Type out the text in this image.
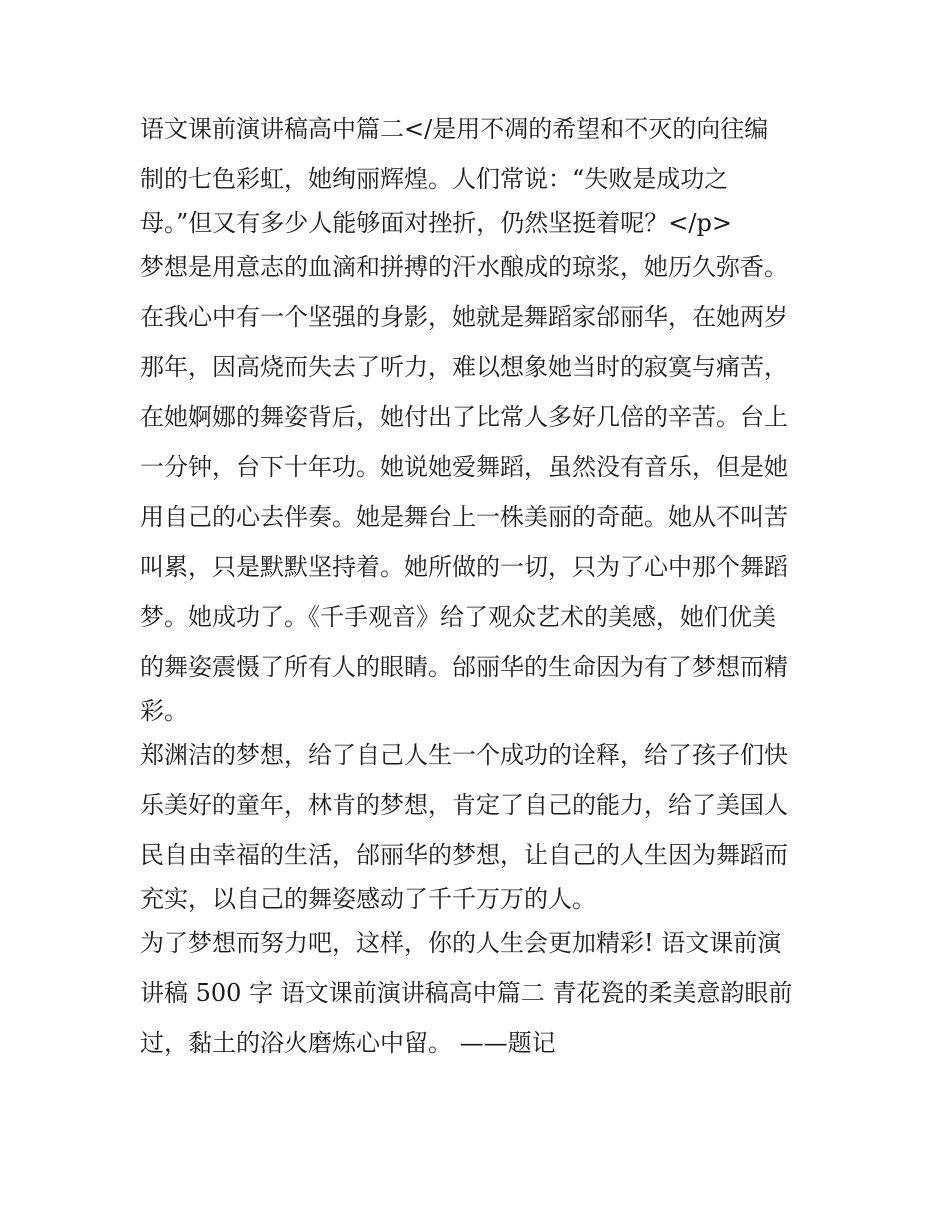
语文课前演讲稿高中篇二</是用不凋的希望和不灭的向往编
制的七色彩虹，她绚丽辉煌。人们常说：“失败是成功之
母。”但又有多少人能够面对挫折，仍然坚挺着呢？</p>
梦想是用意志的血滴和拼搏的汗水酿成的琼浆，她历久弥香。
在我心中有一个坚强的身影，她就是舞蹈家邰丽华，在她两岁
那年，因高烧而失去了听力，难以想象她当时的寂寞与痛苦，
在她婀娜的舞姿背后，她付出了比常人多好几倍的辛苦。台上
一分钟，台下十年功。她说她爱舞蹈，虽然没有音乐，但是她
用自己的心去伴奏。她是舞台上一株美丽的奇葩。她从不叫苦
叫累，只是默默坚持着。她所做的一切，只为了心中那个舞蹈
梦。她成功了。《千手观音》给了观众艺术的美感，她们优美
的舞姿震慑了所有人的眼睛。邰丽华的生命因为有了梦想而精
彩。
郑渊洁的梦想，给了自己人生一个成功的诠释，给了孩子们快
乐美好的童年，林肯的梦想，肯定了自己的能力，给了美国人
民自由幸福的生活，邰丽华的梦想，让自己的人生因为舞蹈而
充实，以自己的舞姿感动了千千万万的人。
为了梦想而努力吧，这样，你的人生会更加精彩! 语文课前演
讲稿 500 字 语文课前演讲稿高中篇二 青花瓷的柔美意韵眼前
过，黏土的浴火磨炼心中留。 ——题记
